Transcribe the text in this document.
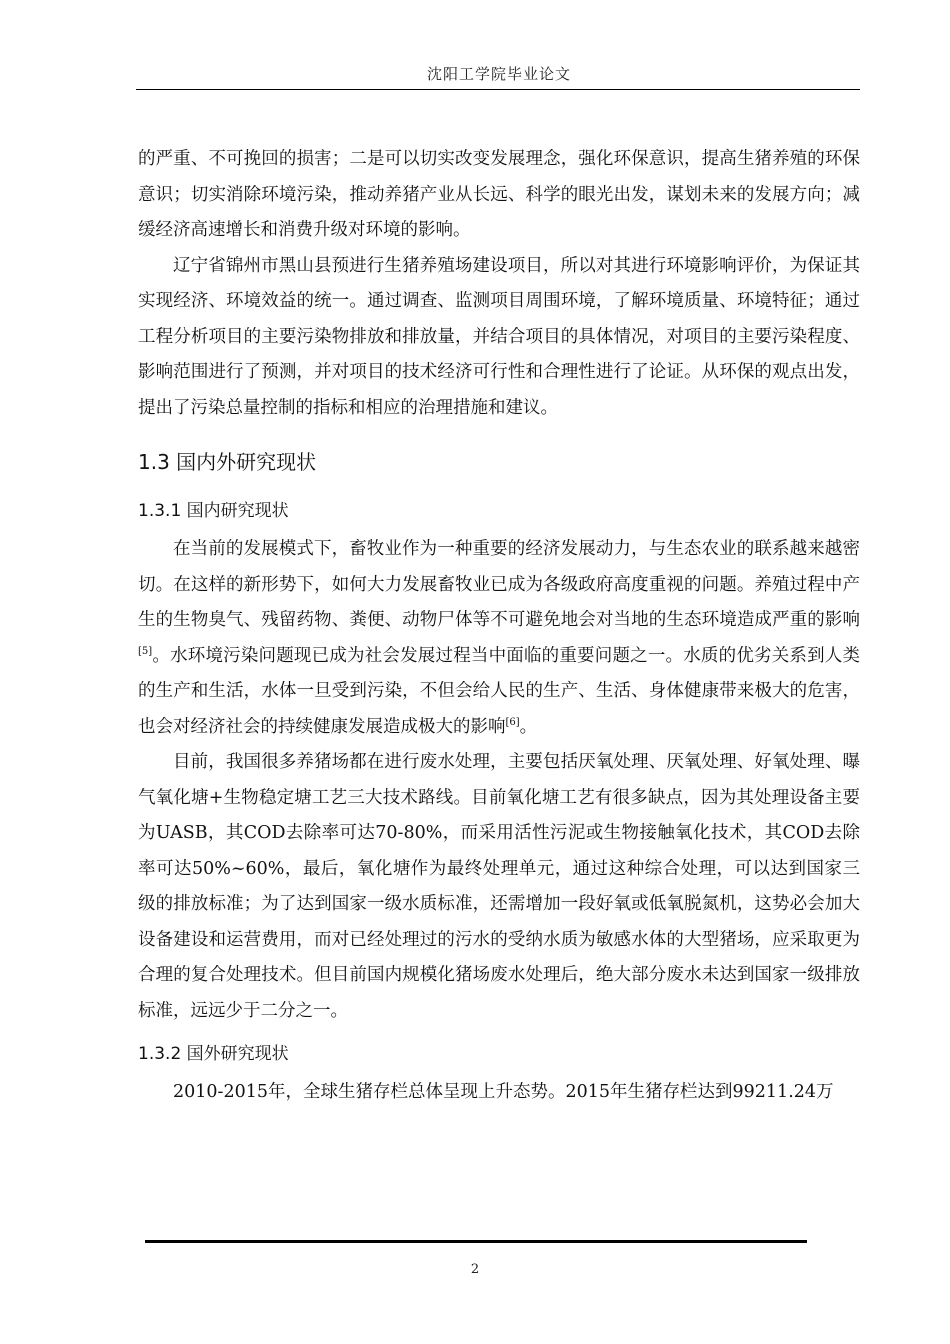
沈阳工学院毕业论文

的严重、不可挽回的损害；二是可以切实改变发展理念，强化环保意识，提高生猪养殖的环保意识；切实消除环境污染，推动养猪产业从长远、科学的眼光出发，谋划未来的发展方向；减缓经济高速增长和消费升级对环境的影响。

辽宁省锦州市黑山县预进行生猪养殖场建设项目，所以对其进行环境影响评价，为保证其实现经济、环境效益的统一。通过调查、监测项目周围环境，了解环境质量、环境特征；通过工程分析项目的主要污染物排放和排放量，并结合项目的具体情况，对项目的主要污染程度、影响范围进行了预测，并对项目的技术经济可行性和合理性进行了论证。从环保的观点出发，提出了污染总量控制的指标和相应的治理措施和建议。

1.3 国内外研究现状
1.3.1 国内研究现状

在当前的发展模式下，畜牧业作为一种重要的经济发展动力，与生态农业的联系越来越密切。在这样的新形势下，如何大力发展畜牧业已成为各级政府高度重视的问题。养殖过程中产生的生物臭气、残留药物、粪便、动物尸体等不可避免地会对当地的生态环境造成严重的影响[5]。水环境污染问题现已成为社会发展过程当中面临的重要问题之一。水质的优劣关系到人类的生产和生活，水体一旦受到污染，不但会给人民的生产、生活、身体健康带来极大的危害，也会对经济社会的持续健康发展造成极大的影响[6]。

目前，我国很多养猪场都在进行废水处理，主要包括厌氧处理、厌氧处理、好氧处理、曝气氧化塘+生物稳定塘工艺三大技术路线。目前氧化塘工艺有很多缺点，因为其处理设备主要为UASB，其COD去除率可达70-80%，而采用活性污泥或生物接触氧化技术，其COD去除率可达50%~60%，最后，氧化塘作为最终处理单元，通过这种综合处理，可以达到国家三级的排放标准；为了达到国家一级水质标准，还需增加一段好氧或低氧脱氮机，这势必会加大设备建设和运营费用，而对已经处理过的污水的受纳水质为敏感水体的大型猪场，应采取更为合理的复合处理技术。但目前国内规模化猪场废水处理后，绝大部分废水未达到国家一级排放标准，远远少于二分之一。

1.3.2 国外研究现状

2010-2015年，全球生猪存栏总体呈现上升态势。2015年生猪存栏达到99211.24万

2
